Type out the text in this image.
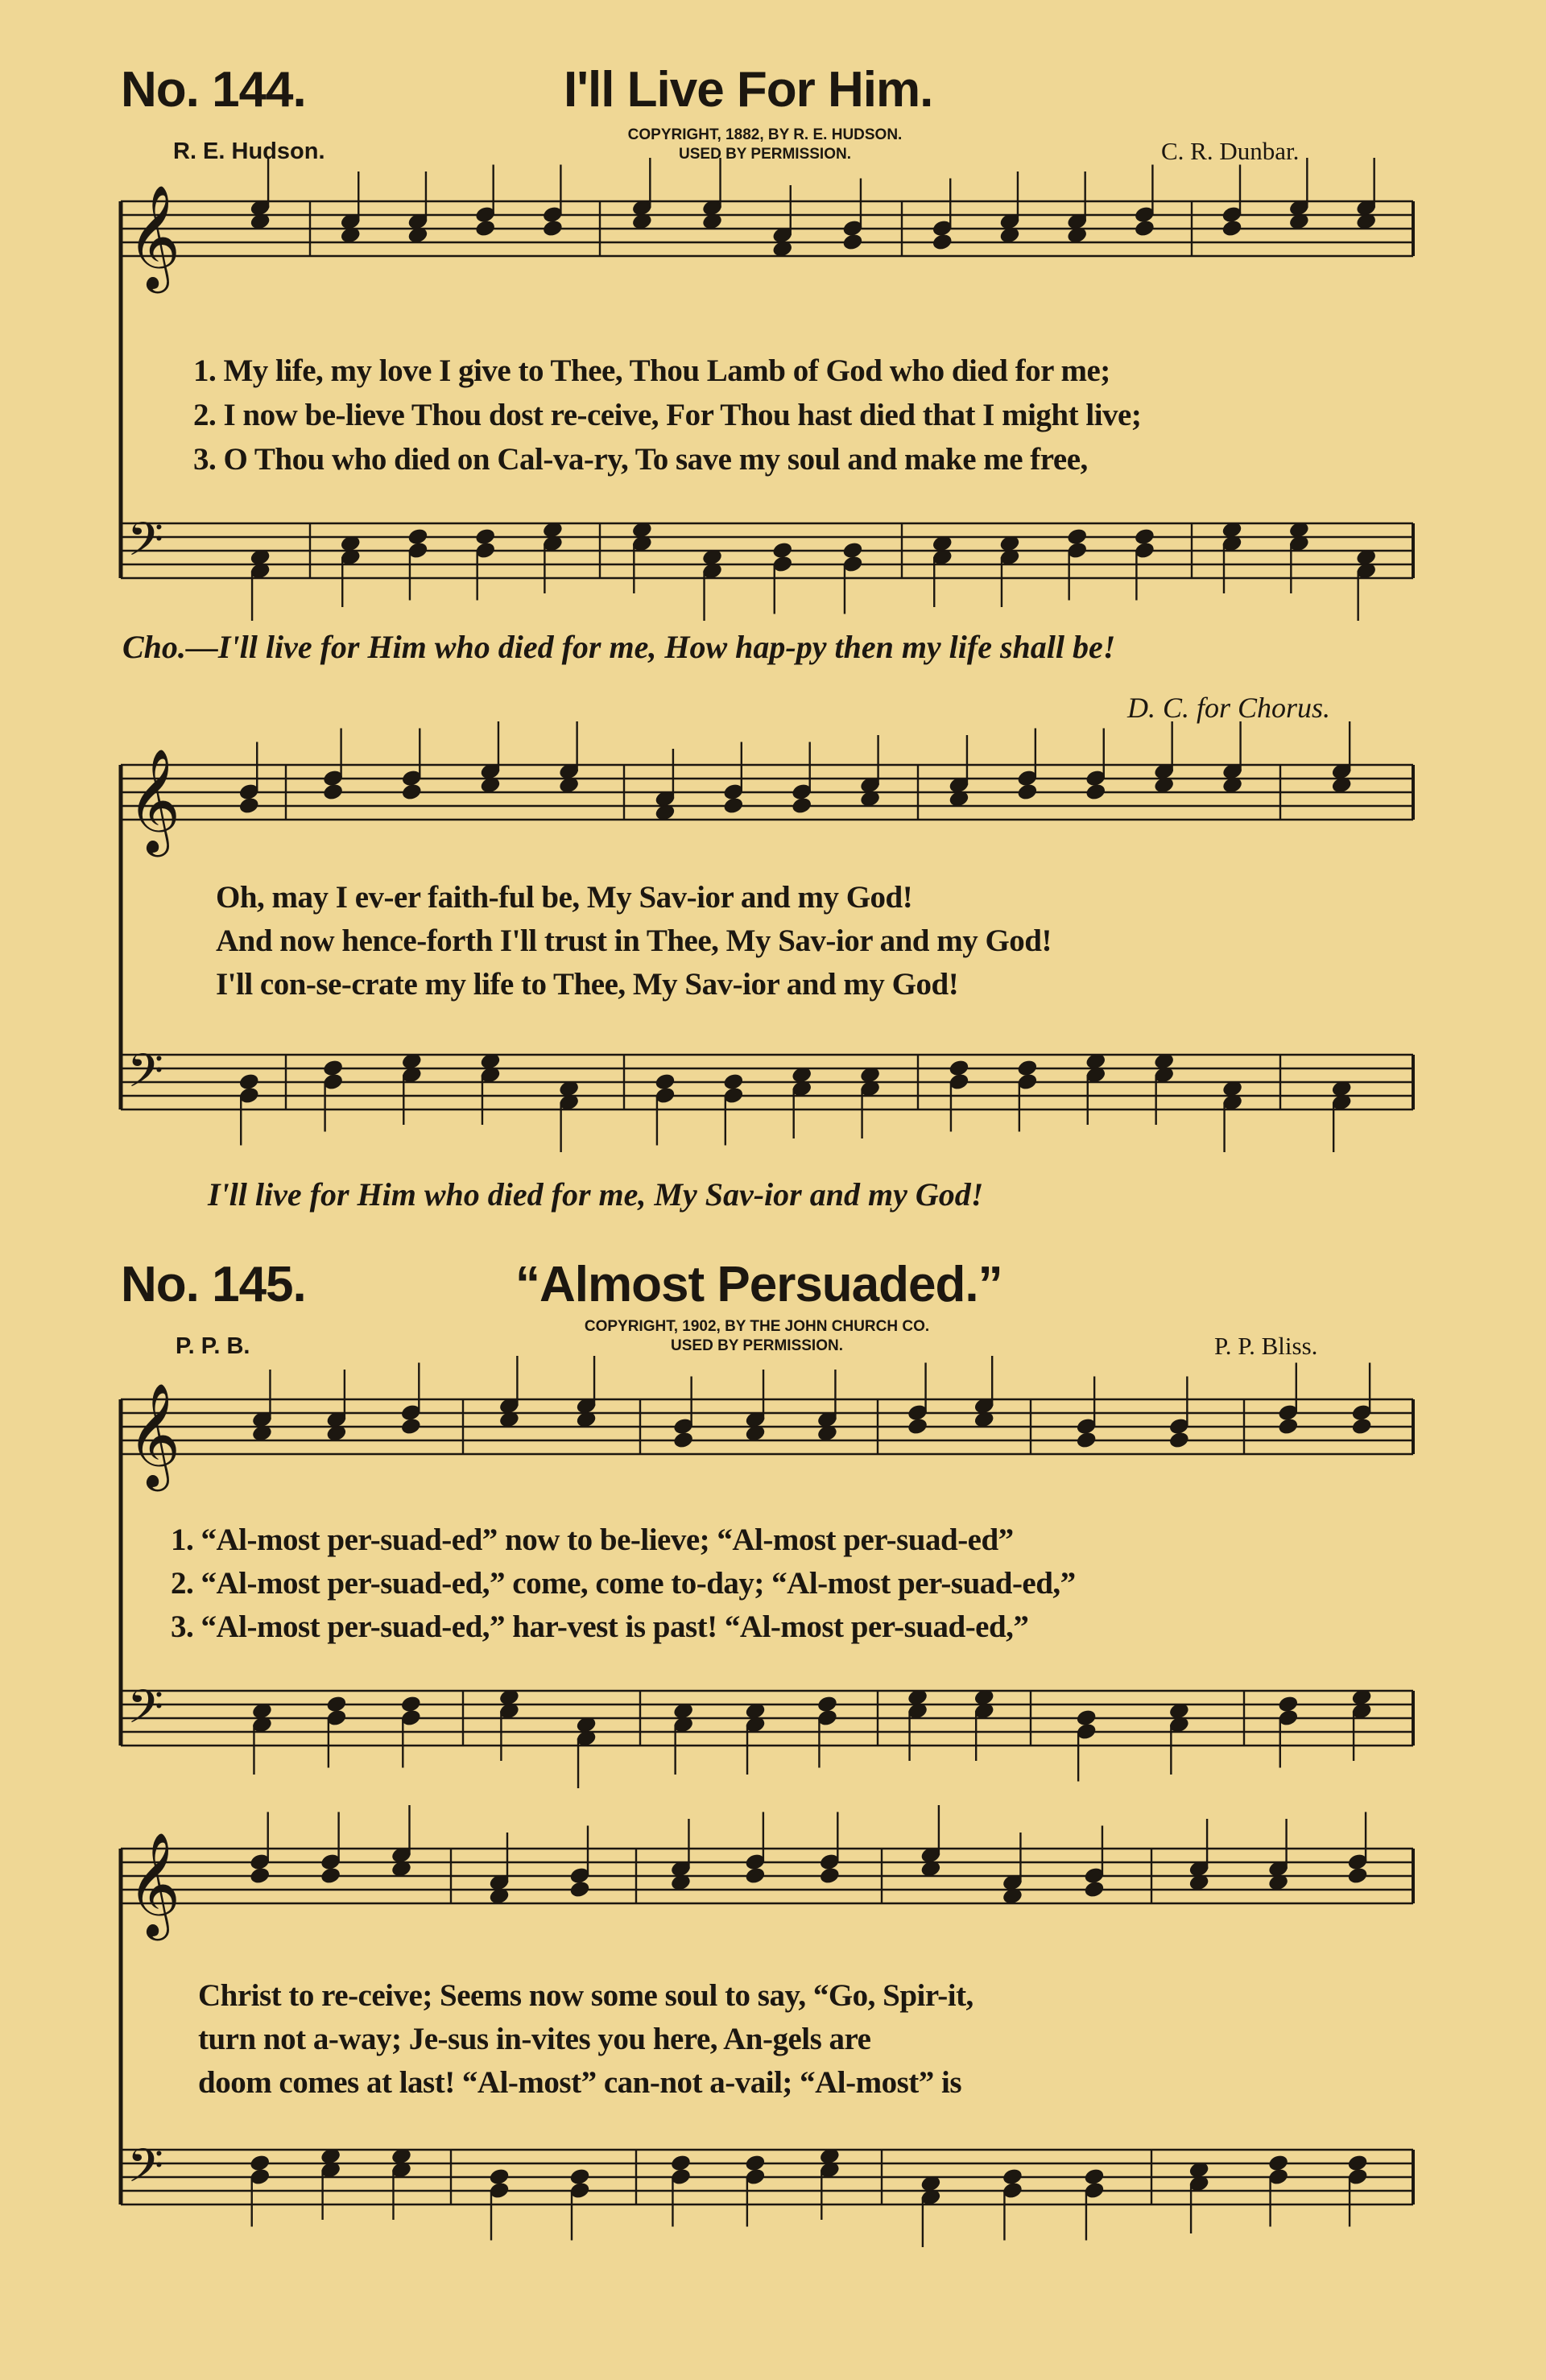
No. 144.	I'll Live For Him.
R. E. Hudson.
COPYRIGHT, 1882, BY R. E. HUDSON.
USED BY PERMISSION.	C. R. Dunbar.
𝄞
𝄢
𝄞
𝄢
𝄞
𝄢
𝄞
𝄢
1. My life, my love I give to Thee, Thou Lamb of God who died for me;
2. I now be-lieve Thou dost re-ceive, For Thou hast died that I might live;
3. O Thou who died on Cal-va-ry, To save my soul and make me free,
Cho.—I'll live for Him who died for me, How hap-py then my life shall be!
D. C. for Chorus.
Oh, may I ev-er faith-ful be, My Sav-ior and my God!
And now hence-forth I'll trust in Thee, My Sav-ior and my God!
I'll con-se-crate my life to Thee, My Sav-ior and my God!
I'll live for Him who died for me, My Sav-ior and my God!
No. 145.	“Almost Persuaded.”
P. P. B.
COPYRIGHT, 1902, BY THE JOHN CHURCH CO.
USED BY PERMISSION.	P. P. Bliss.
1. “Al-most per-suad-ed” now to be-lieve; “Al-most per-suad-ed”
2. “Al-most per-suad-ed,” come, come to-day; “Al-most per-suad-ed,”
3. “Al-most per-suad-ed,” har-vest is past! “Al-most per-suad-ed,”
Christ to re-ceive; Seems now some soul to say, “Go, Spir-it,
turn not a-way; Je-sus in-vites you here, An-gels are
doom comes at last! “Al-most” can-not a-vail; “Al-most” is
